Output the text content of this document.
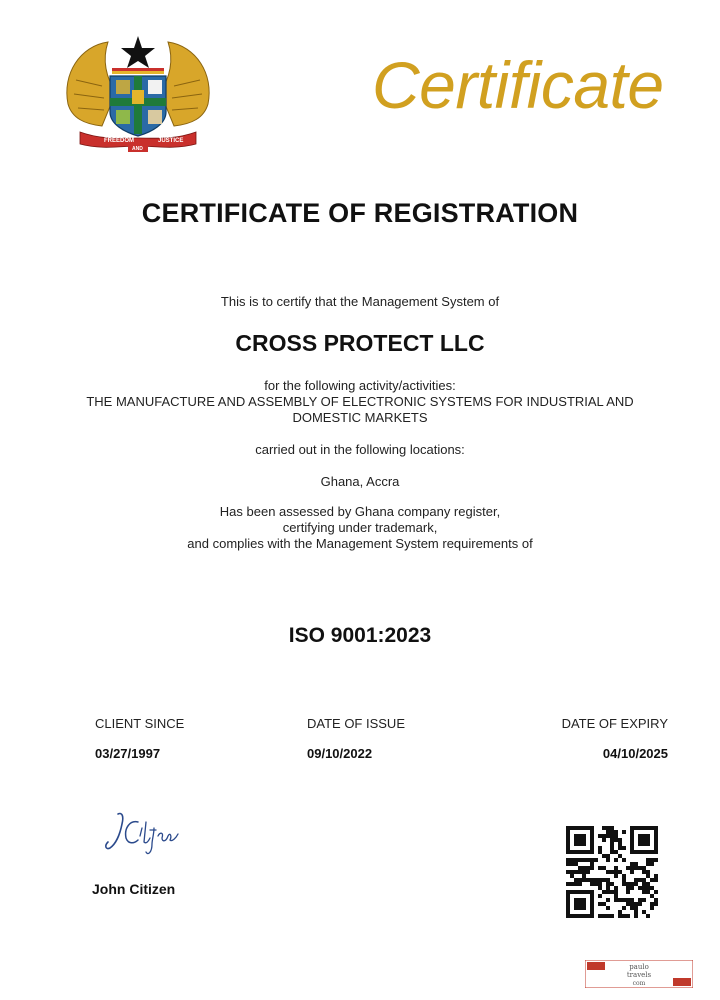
FREEDOM	JUSTICE
AND
Certificate
CERTIFICATE OF REGISTRATION
This is to certify that the Management System of
CROSS PROTECT LLC
for the following activity/activities:
THE MANUFACTURE AND ASSEMBLY OF ELECTRONIC SYSTEMS FOR INDUSTRIAL AND
DOMESTIC MARKETS
carried out in the following locations:
Ghana, Accra
Has been assessed by Ghana company register,
certifying under trademark,
and complies with the Management System requirements of
ISO 9001:2023
CLIENT SINCE	DATE OF ISSUE	DATE OF EXPIRY
03/27/1997	09/10/2022	04/10/2025
John Citizen
paulo
travels
com
